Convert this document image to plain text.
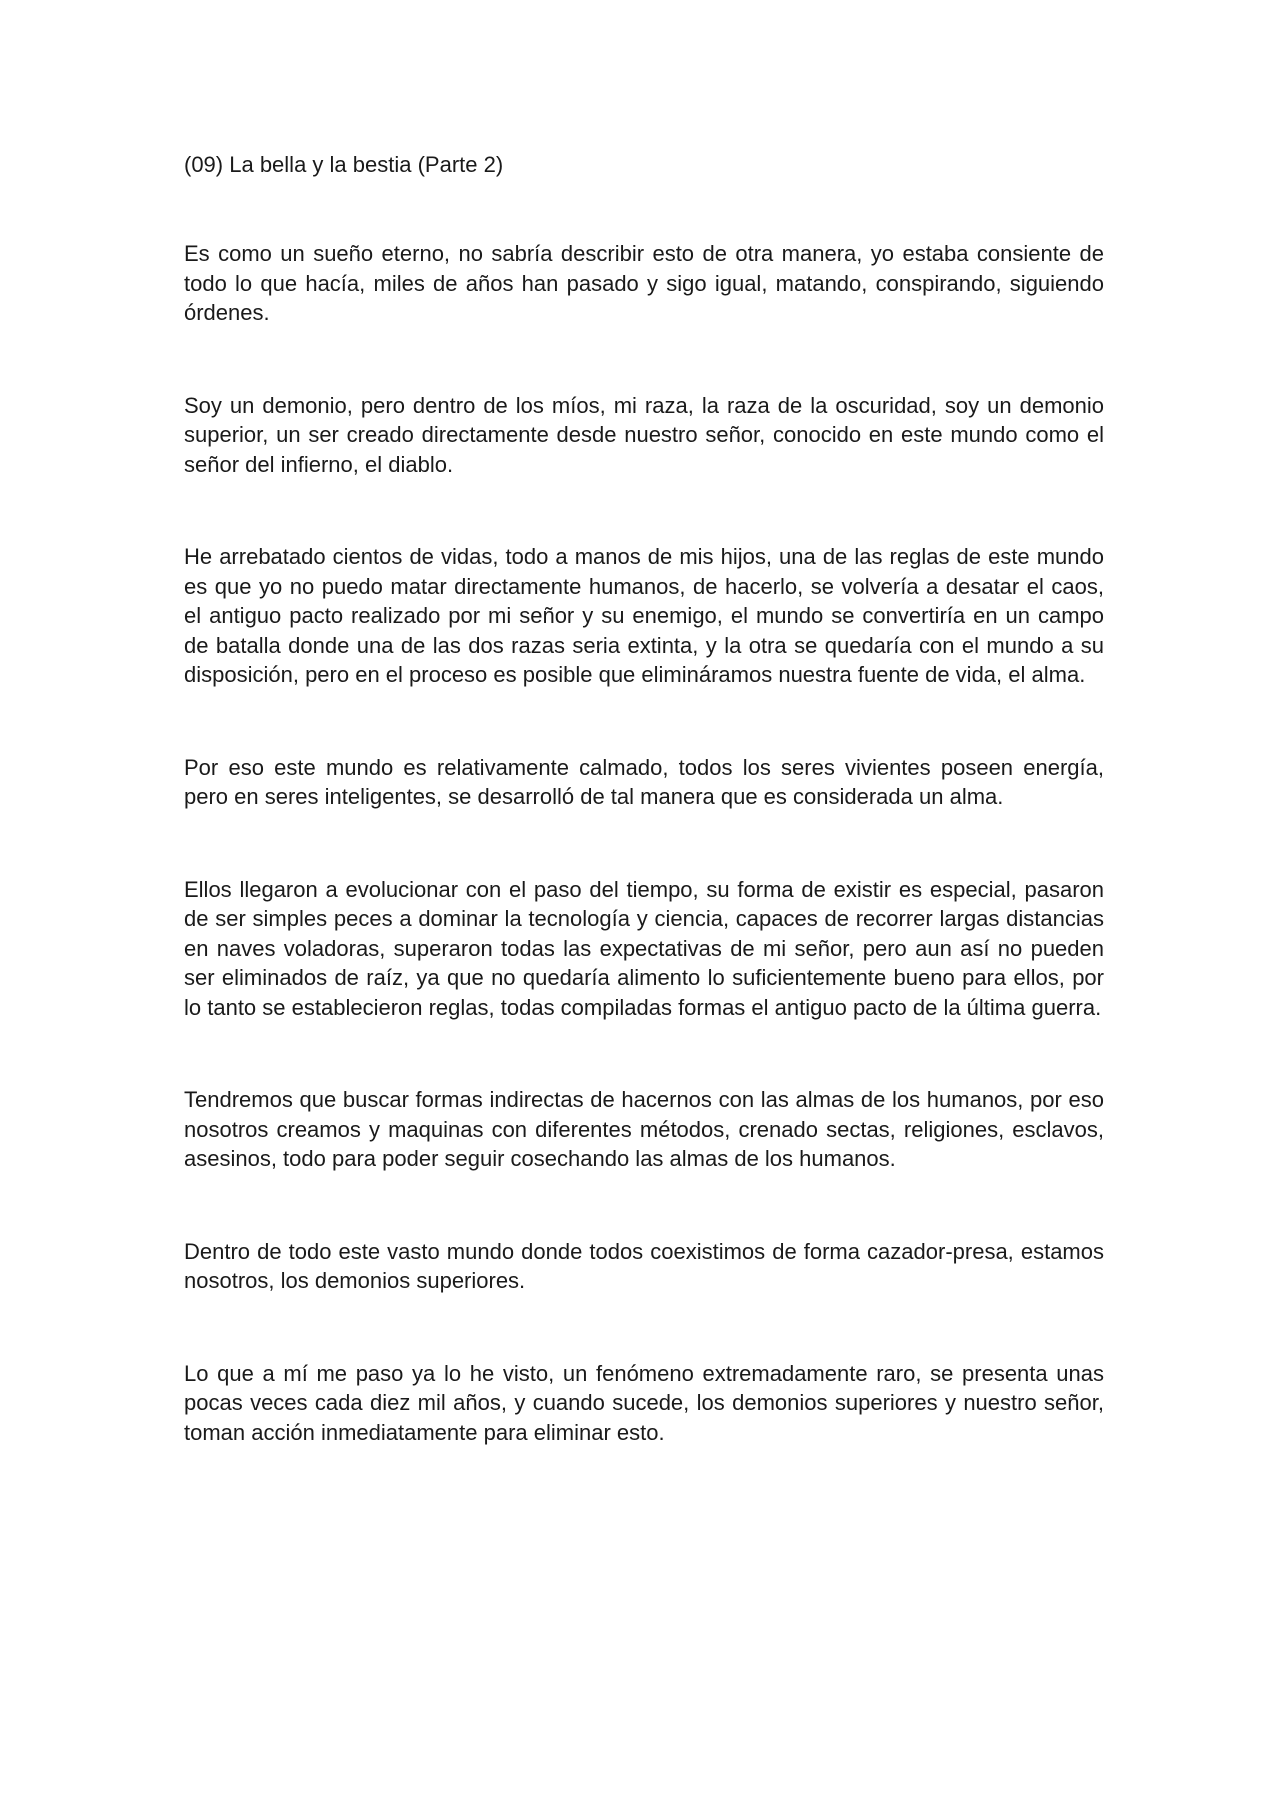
(09) La bella y la bestia (Parte 2)

Es como un sueño eterno, no sabría describir esto de otra manera, yo estaba consiente de todo lo que hacía, miles de años han pasado y sigo igual, matando, conspirando, siguiendo órdenes.

Soy un demonio, pero dentro de los míos, mi raza, la raza de la oscuridad, soy un demonio superior, un ser creado directamente desde nuestro señor, conocido en este mundo como el señor del infierno, el diablo.

He arrebatado cientos de vidas, todo a manos de mis hijos, una de las reglas de este mundo es que yo no puedo matar directamente humanos, de hacerlo, se volvería a desatar el caos, el antiguo pacto realizado por mi señor y su enemigo, el mundo se convertiría en un campo de batalla donde una de las dos razas seria extinta, y la otra se quedaría con el mundo a su disposición, pero en el proceso es posible que elimináramos nuestra fuente de vida, el alma.

Por eso este mundo es relativamente calmado, todos los seres vivientes poseen energía, pero en seres inteligentes, se desarrolló de tal manera que es considerada un alma.

Ellos llegaron a evolucionar con el paso del tiempo, su forma de existir es especial, pasaron de ser simples peces a dominar la tecnología y ciencia, capaces de recorrer largas distancias en naves voladoras, superaron todas las expectativas de mi señor, pero aun así no pueden ser eliminados de raíz, ya que no quedaría alimento lo suficientemente bueno para ellos, por lo tanto se establecieron reglas, todas compiladas formas el antiguo pacto de la última guerra.

Tendremos que buscar formas indirectas de hacernos con las almas de los humanos, por eso nosotros creamos y maquinas con diferentes métodos, crenado sectas, religiones, esclavos, asesinos, todo para poder seguir cosechando las almas de los humanos.

Dentro de todo este vasto mundo donde todos coexistimos de forma cazador-presa, estamos nosotros, los demonios superiores.

Lo que a mí me paso ya lo he visto, un fenómeno extremadamente raro, se presenta unas pocas veces cada diez mil años, y cuando sucede, los demonios superiores y nuestro señor, toman acción inmediatamente para eliminar esto.
